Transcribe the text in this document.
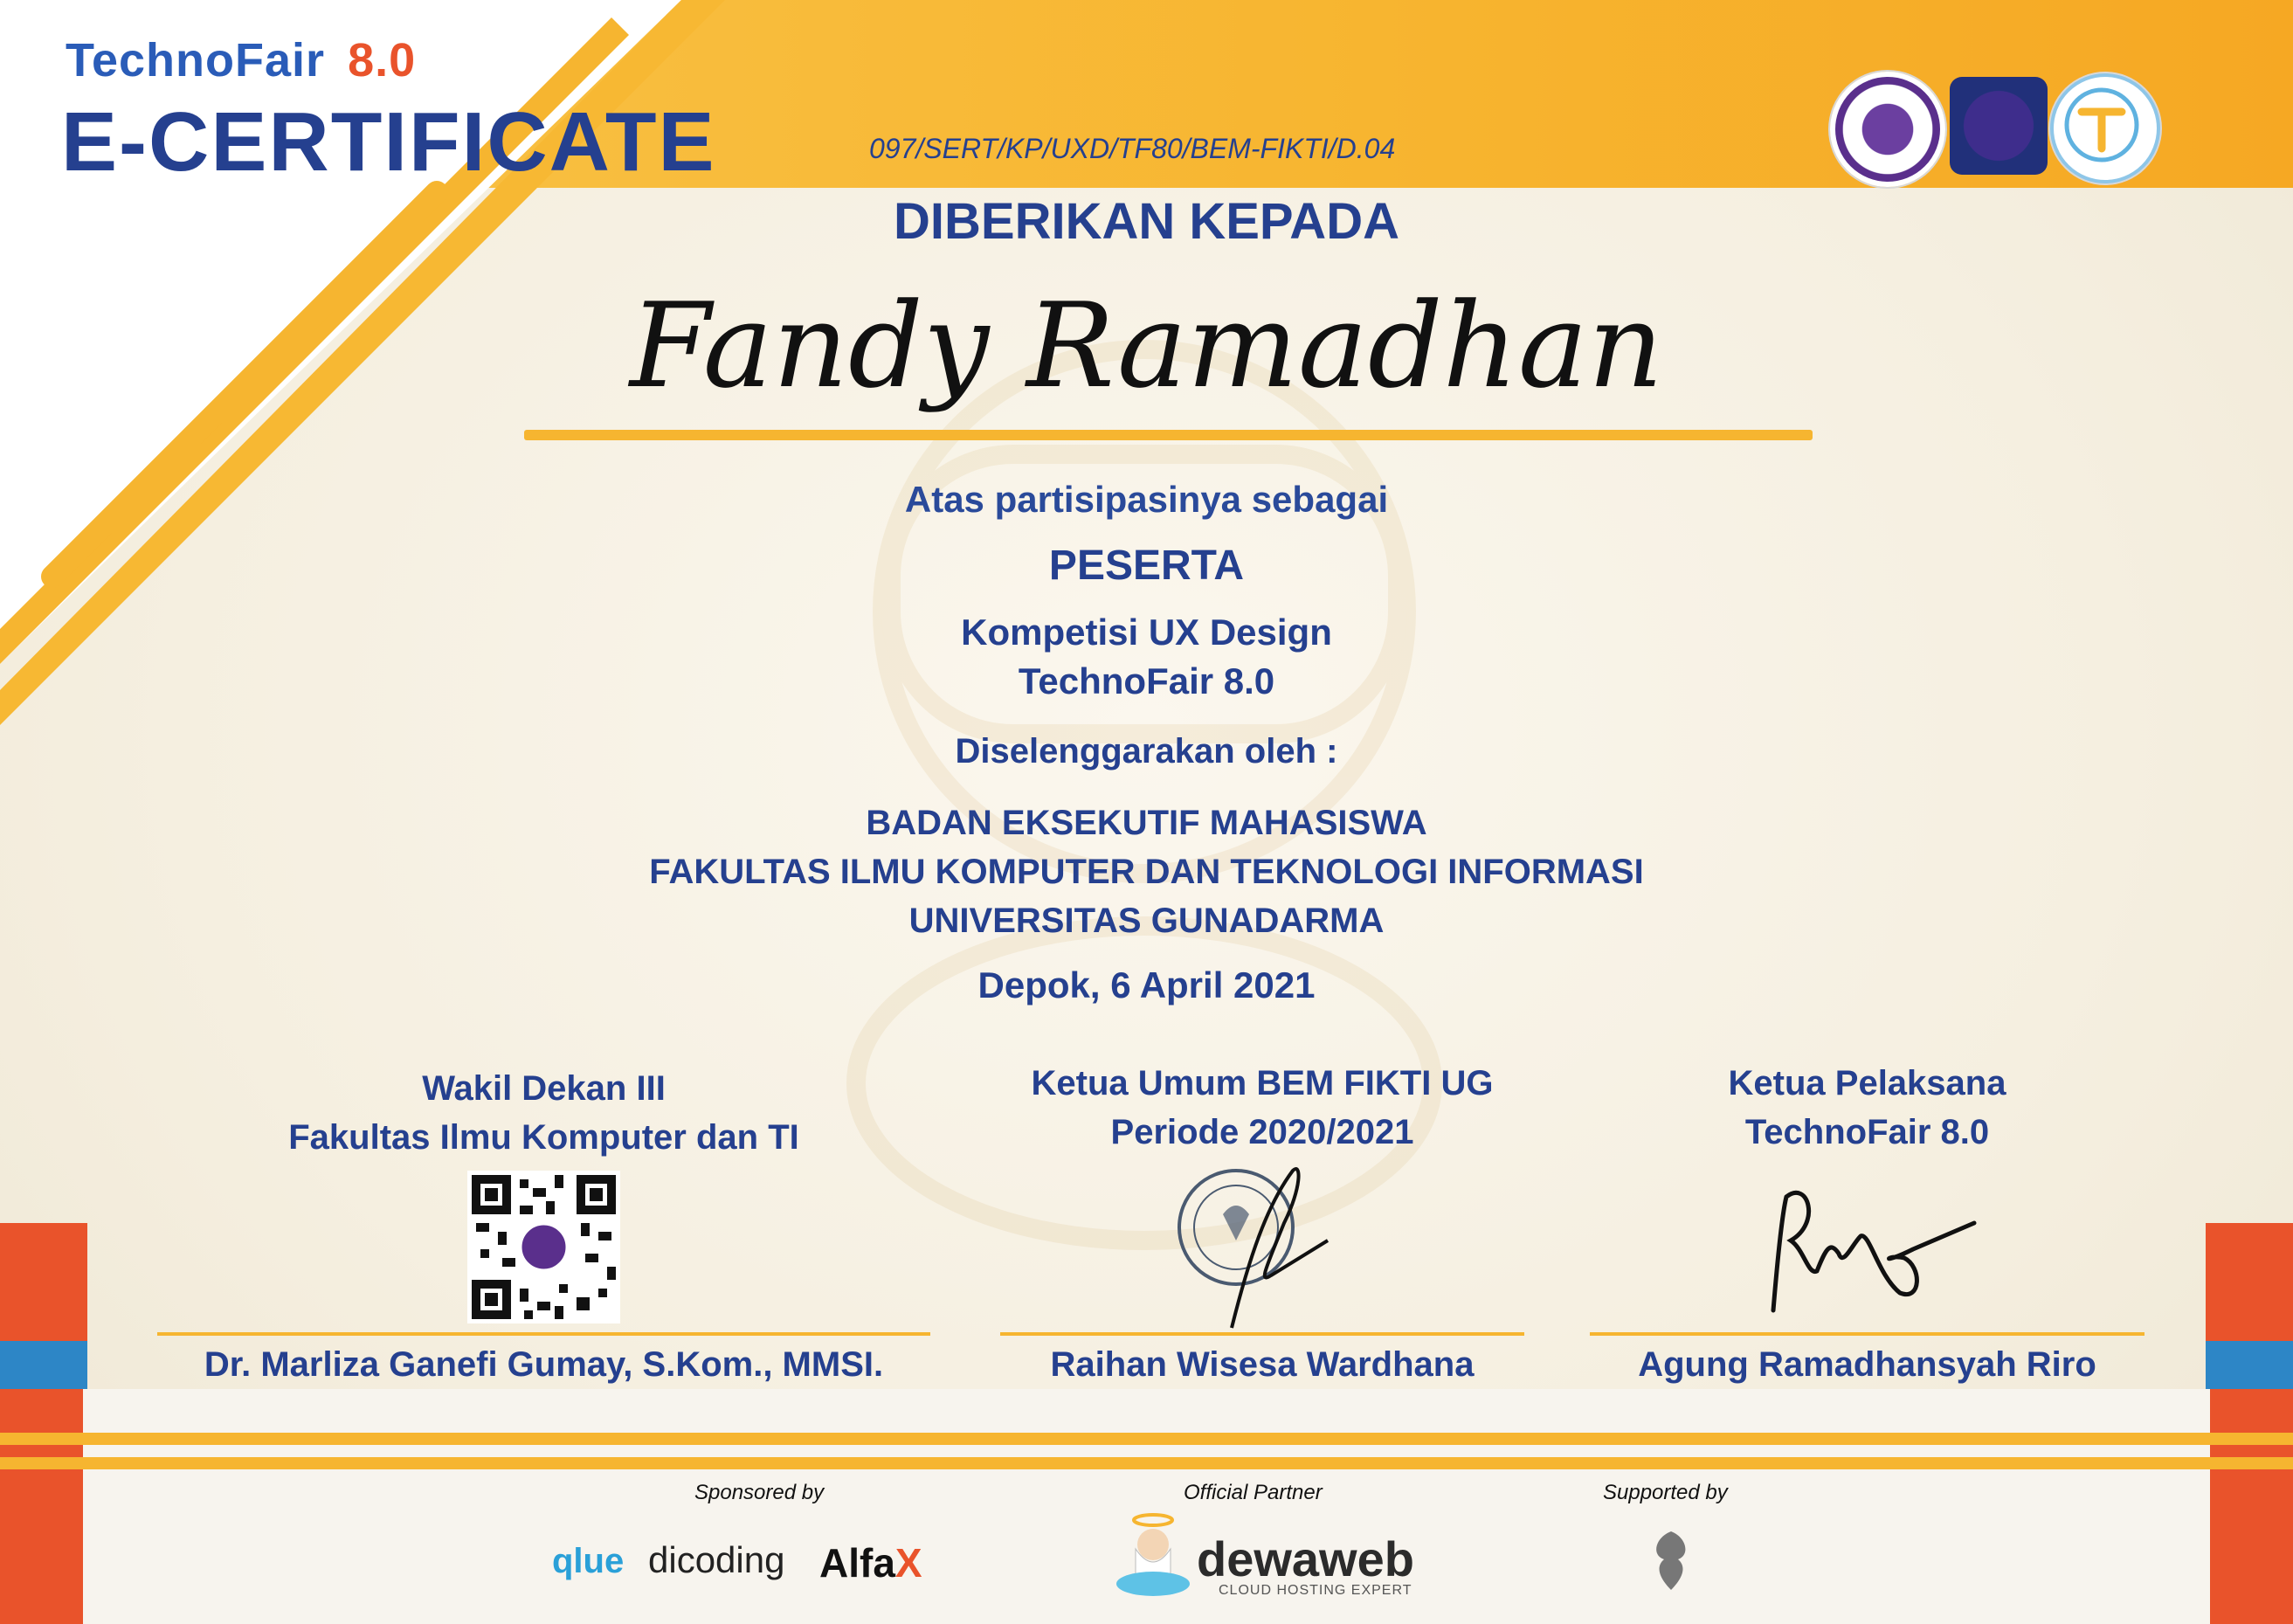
TechnoFair 8.0
E-CERTIFICATE	097/SERT/KP/UXD/TF80/BEM-FIKTI/D.04
DIBERIKAN KEPADA
Fandy Ramadhan
Atas partisipasinya sebagai
PESERTA
Kompetisi UX Design
TechnoFair 8.0
Diselenggarakan oleh :
BADAN EKSEKUTIF MAHASISWA
FAKULTAS ILMU KOMPUTER DAN TEKNOLOGI INFORMASI
UNIVERSITAS GUNADARMA
Depok, 6 April 2021
Wakil Dekan III
Fakultas Ilmu Komputer dan TI
Dr. Marliza Ganefi Gumay, S.Kom., MMSI.
Ketua Umum BEM FIKTI UG
Periode 2020/2021
Raihan Wisesa Wardhana
Ketua Pelaksana
TechnoFair 8.0
Agung Ramadhansyah Riro
Sponsored by
qlue dicoding AlfaX
Official Partner
dewaweb
CLOUD HOSTING EXPERT
Supported by
